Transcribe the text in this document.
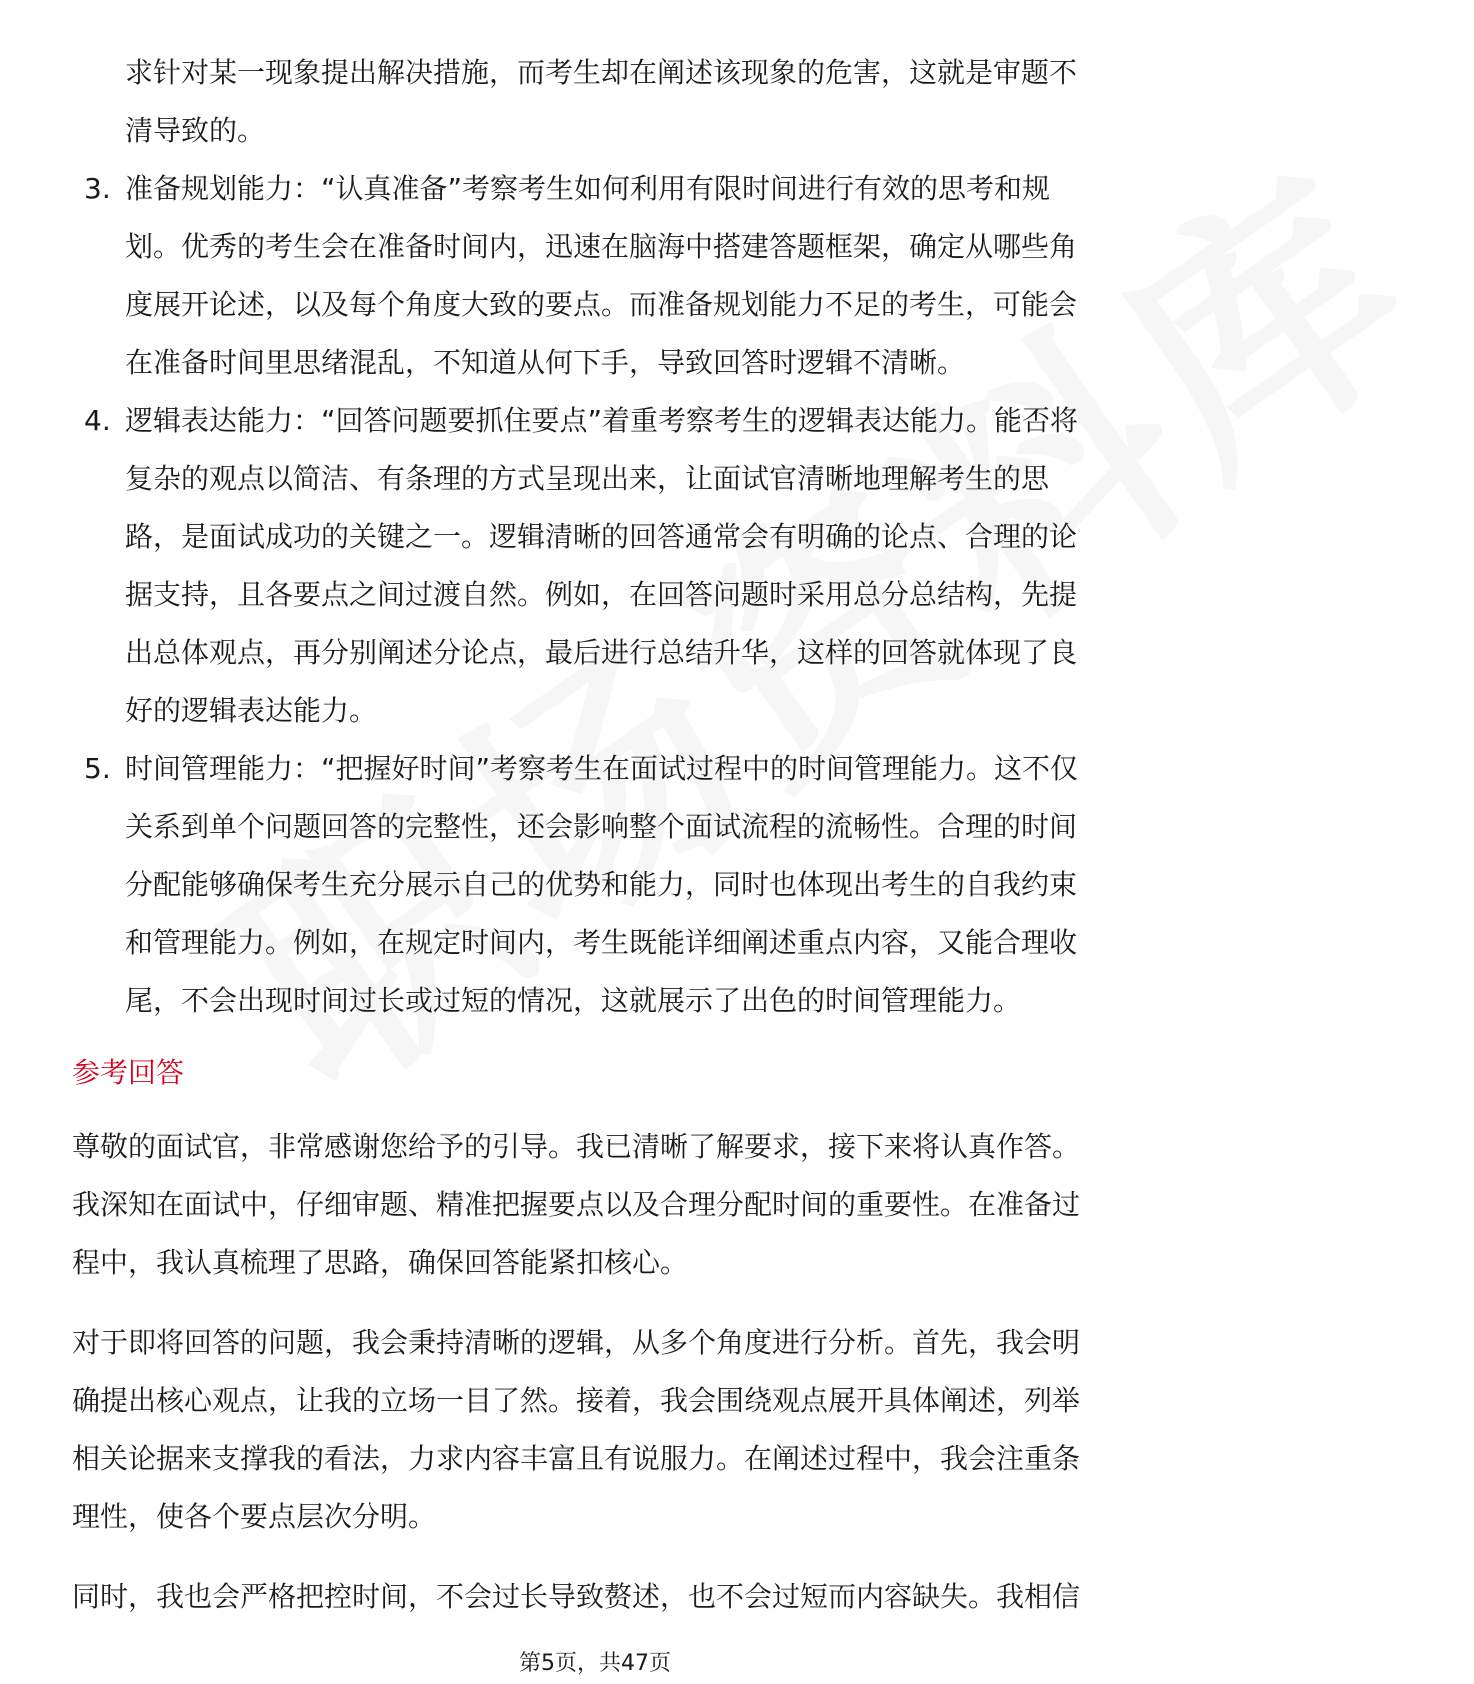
求针对某一现象提出解决措施，而考生却在阐述该现象的危害，这就是审题不
清导致的。
3. 准备规划能力：“认真准备”考察考生如何利用有限时间进行有效的思考和规
划。优秀的考生会在准备时间内，迅速在脑海中搭建答题框架，确定从哪些角
度展开论述，以及每个角度大致的要点。而准备规划能力不足的考生，可能会
在准备时间里思绪混乱，不知道从何下手，导致回答时逻辑不清晰。
4. 逻辑表达能力：“回答问题要抓住要点”着重考察考生的逻辑表达能力。能否将
复杂的观点以简洁、有条理的方式呈现出来，让面试官清晰地理解考生的思
路，是面试成功的关键之一。逻辑清晰的回答通常会有明确的论点、合理的论
据支持，且各要点之间过渡自然。例如，在回答问题时采用总分总结构，先提
出总体观点，再分别阐述分论点，最后进行总结升华，这样的回答就体现了良
好的逻辑表达能力。
5. 时间管理能力：“把握好时间”考察考生在面试过程中的时间管理能力。这不仅
关系到单个问题回答的完整性，还会影响整个面试流程的流畅性。合理的时间
分配能够确保考生充分展示自己的优势和能力，同时也体现出考生的自我约束
和管理能力。例如，在规定时间内，考生既能详细阐述重点内容，又能合理收
尾，不会出现时间过长或过短的情况，这就展示了出色的时间管理能力。
参考回答
尊敬的面试官，非常感谢您给予的引导。我已清晰了解要求，接下来将认真作答。
我深知在面试中，仔细审题、精准把握要点以及合理分配时间的重要性。在准备过
程中，我认真梳理了思路，确保回答能紧扣核心。
对于即将回答的问题，我会秉持清晰的逻辑，从多个角度进行分析。首先，我会明
确提出核心观点，让我的立场一目了然。接着，我会围绕观点展开具体阐述，列举
相关论据来支撑我的看法，力求内容丰富且有说服力。在阐述过程中，我会注重条
理性，使各个要点层次分明。
同时，我也会严格把控时间，不会过长导致赘述，也不会过短而内容缺失。我相信
第5页，共47页
